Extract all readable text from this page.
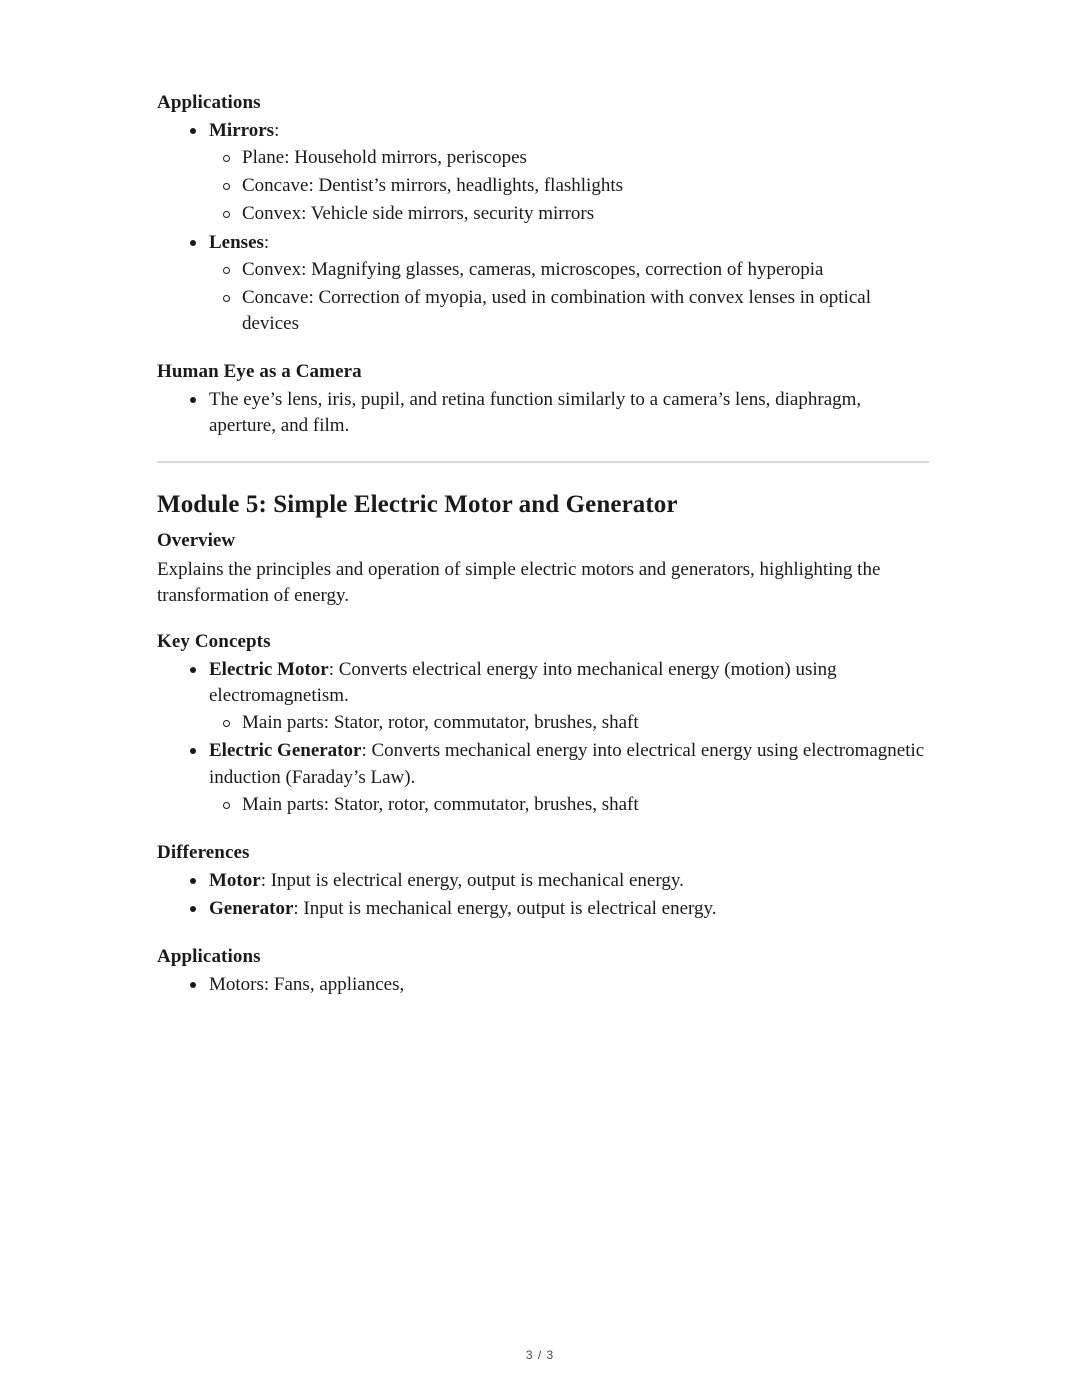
Applications
Mirrors:
Plane: Household mirrors, periscopes
Concave: Dentist’s mirrors, headlights, flashlights
Convex: Vehicle side mirrors, security mirrors
Lenses:
Convex: Magnifying glasses, cameras, microscopes, correction of hyperopia
Concave: Correction of myopia, used in combination with convex lenses in optical devices
Human Eye as a Camera
The eye’s lens, iris, pupil, and retina function similarly to a camera’s lens, diaphragm, aperture, and film.
Module 5: Simple Electric Motor and Generator
Overview

Explains the principles and operation of simple electric motors and generators, highlighting the transformation of energy.

Key Concepts
Electric Motor: Converts electrical energy into mechanical energy (motion) using electromagnetism.
Main parts: Stator, rotor, commutator, brushes, shaft
Electric Generator: Converts mechanical energy into electrical energy using electromagnetic induction (Faraday’s Law).
Main parts: Stator, rotor, commutator, brushes, shaft
Differences
Motor: Input is electrical energy, output is mechanical energy.
Generator: Input is mechanical energy, output is electrical energy.
Applications
Motors: Fans, appliances,
3 / 3
